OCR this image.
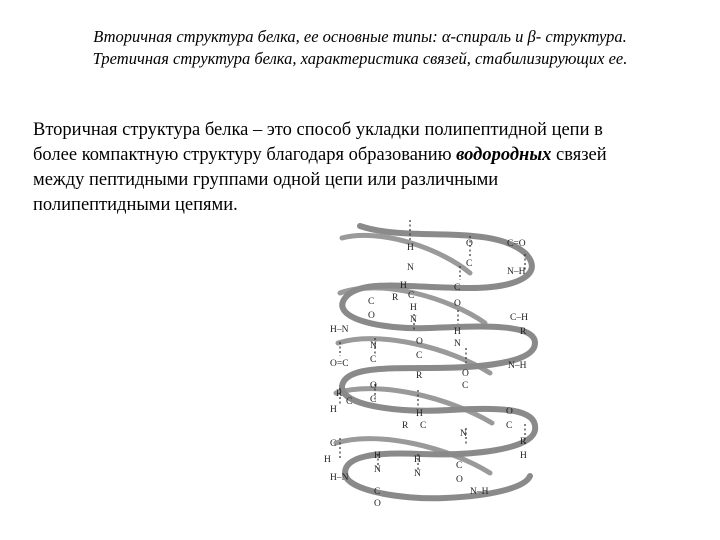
Вторичная структура белка, ее основные типы: α-спираль и β- структура.
Третичная структура белка, характеристика связей, стабилизирующих ее.
Вторичная структура белка – это способ укладки полипептидной цепи в
более компактную структуру благодаря образованию водородных связей
между пептидными группами одной цепи или различными
полипептидными цепями.
H
N
O
C
C=O
N–H
H
R C
C
O
C
O
H
N	C–H
R
H–N	H
N
N
C
O=C
O
C
R
N–H
O
C
R
H
C
O
C
H
R C
O
C
N
R
H
C
H	H
N
H
N
C
O
H–N
C
O
N–H
